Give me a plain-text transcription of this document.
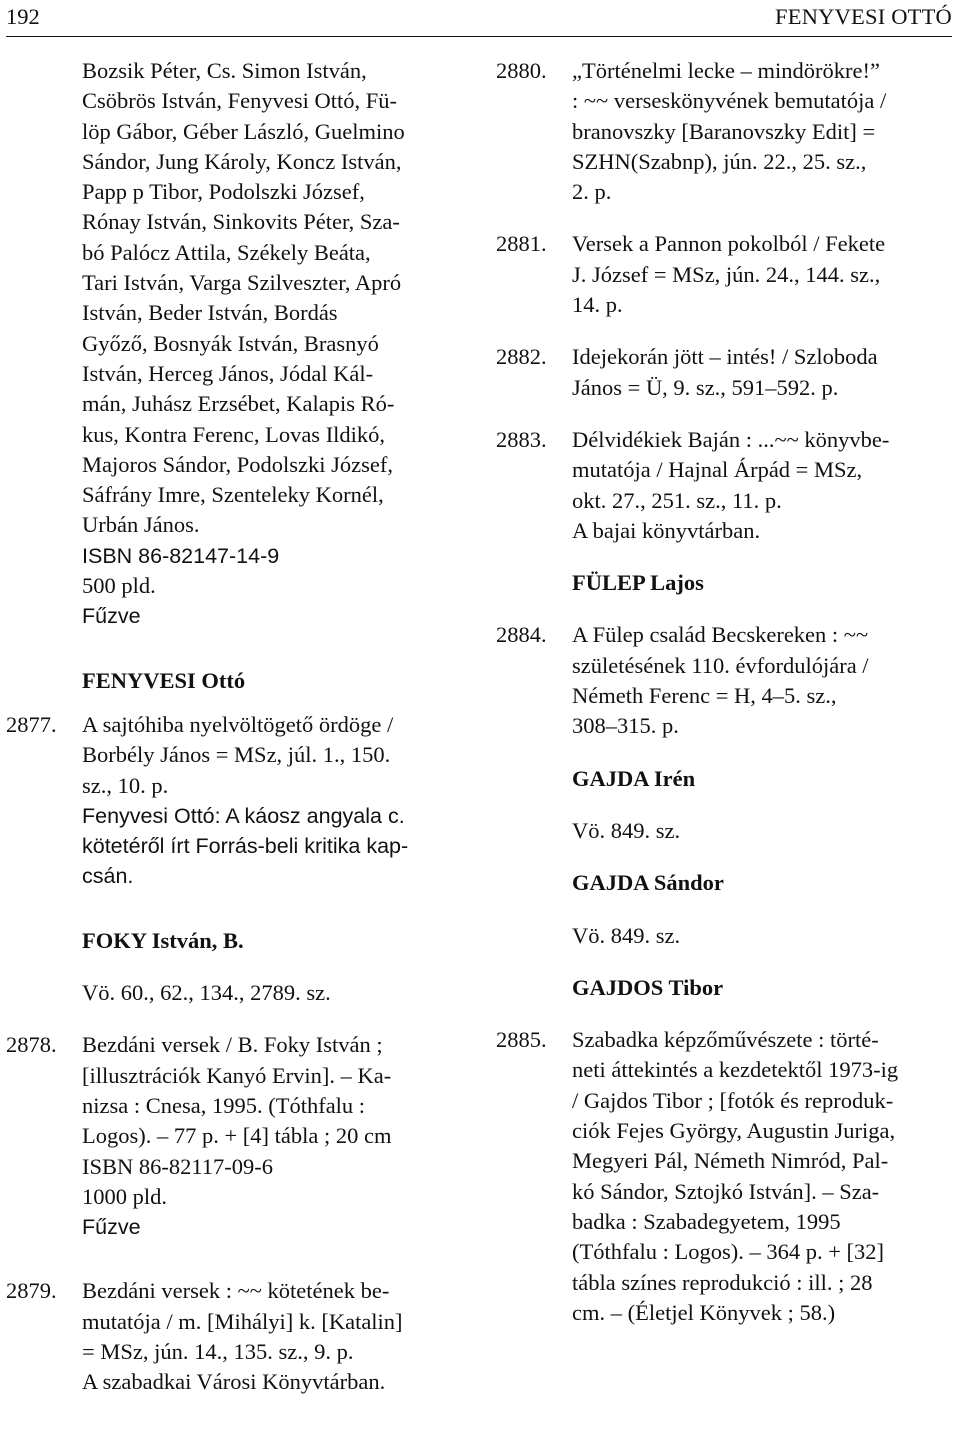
192	FENYVESI OTTÓ
Bozsik Péter, Cs. Simon István,
Csöbrös István, Fenyvesi Ottó, Fü-
löp Gábor, Géber László, Guelmino
Sándor, Jung Károly, Koncz István,
Papp p Tibor, Podolszki József,
Rónay István, Sinkovits Péter, Sza-
bó Palócz Attila, Székely Beáta,
Tari István, Varga Szilveszter, Apró
István, Beder István, Bordás
Győző, Bosnyák István, Brasnyó
István, Herceg János, Jódal Kál-
mán, Juhász Erzsébet, Kalapis Ró-
kus, Kontra Ferenc, Lovas Ildikó,
Majoros Sándor, Podolszki József,
Sáfrány Imre, Szenteleky Kornél,
Urbán János.
ISBN 86-82147-14-9
500 pld.
Fűzve
FENYVESI Ottó
2877. A sajtóhiba nyelvöltögető ördöge /
Borbély János = MSz, júl. 1., 150.
sz., 10. p.
Fenyvesi Ottó: A káosz angyala c.
kötetéről írt Forrás-beli kritika kap-
csán.
FOKY István, B.
Vö. 60., 62., 134., 2789. sz.
2878. Bezdáni versek / B. Foky István ;
[illusztrációk Kanyó Ervin]. – Ka-
nizsa : Cnesa, 1995. (Tóthfalu :
Logos). – 77 p. + [4] tábla ; 20 cm
ISBN 86-82117-09-6
1000 pld.
Fűzve
2879. Bezdáni versek : ~~ kötetének be-
mutatója / m. [Mihályi] k. [Katalin]
= MSz, jún. 14., 135. sz., 9. p.
A szabadkai Városi Könyvtárban.
2880. „Történelmi lecke – mindörökre!”
: ~~ verseskönyvének bemutatója /
branovszky [Baranovszky Edit] =
SZHN(Szabnp), jún. 22., 25. sz.,
2. p.
2881. Versek a Pannon pokolból / Fekete
J. József = MSz, jún. 24., 144. sz.,
14. p.
2882. Idejekorán jött – intés! / Szloboda
János = Ü, 9. sz., 591–592. p.
2883. Délvidékiek Baján : ...~~ könyvbe-
mutatója / Hajnal Árpád = MSz,
okt. 27., 251. sz., 11. p.
A bajai könyvtárban.
FÜLEP Lajos
2884. A Fülep család Becskereken : ~~
születésének 110. évfordulójára /
Németh Ferenc = H, 4–5. sz.,
308–315. p.
GAJDA Irén
Vö. 849. sz.
GAJDA Sándor
Vö. 849. sz.
GAJDOS Tibor
2885. Szabadka képzőművészete : törté-
neti áttekintés a kezdetektől 1973-ig
/ Gajdos Tibor ; [fotók és reproduk-
ciók Fejes György, Augustin Juriga,
Megyeri Pál, Németh Nimród, Pal-
kó Sándor, Sztojkó István]. – Sza-
badka : Szabadegyetem, 1995
(Tóthfalu : Logos). – 364 p. + [32]
tábla színes reprodukció : ill. ; 28
cm. – (Életjel Könyvek ; 58.)
